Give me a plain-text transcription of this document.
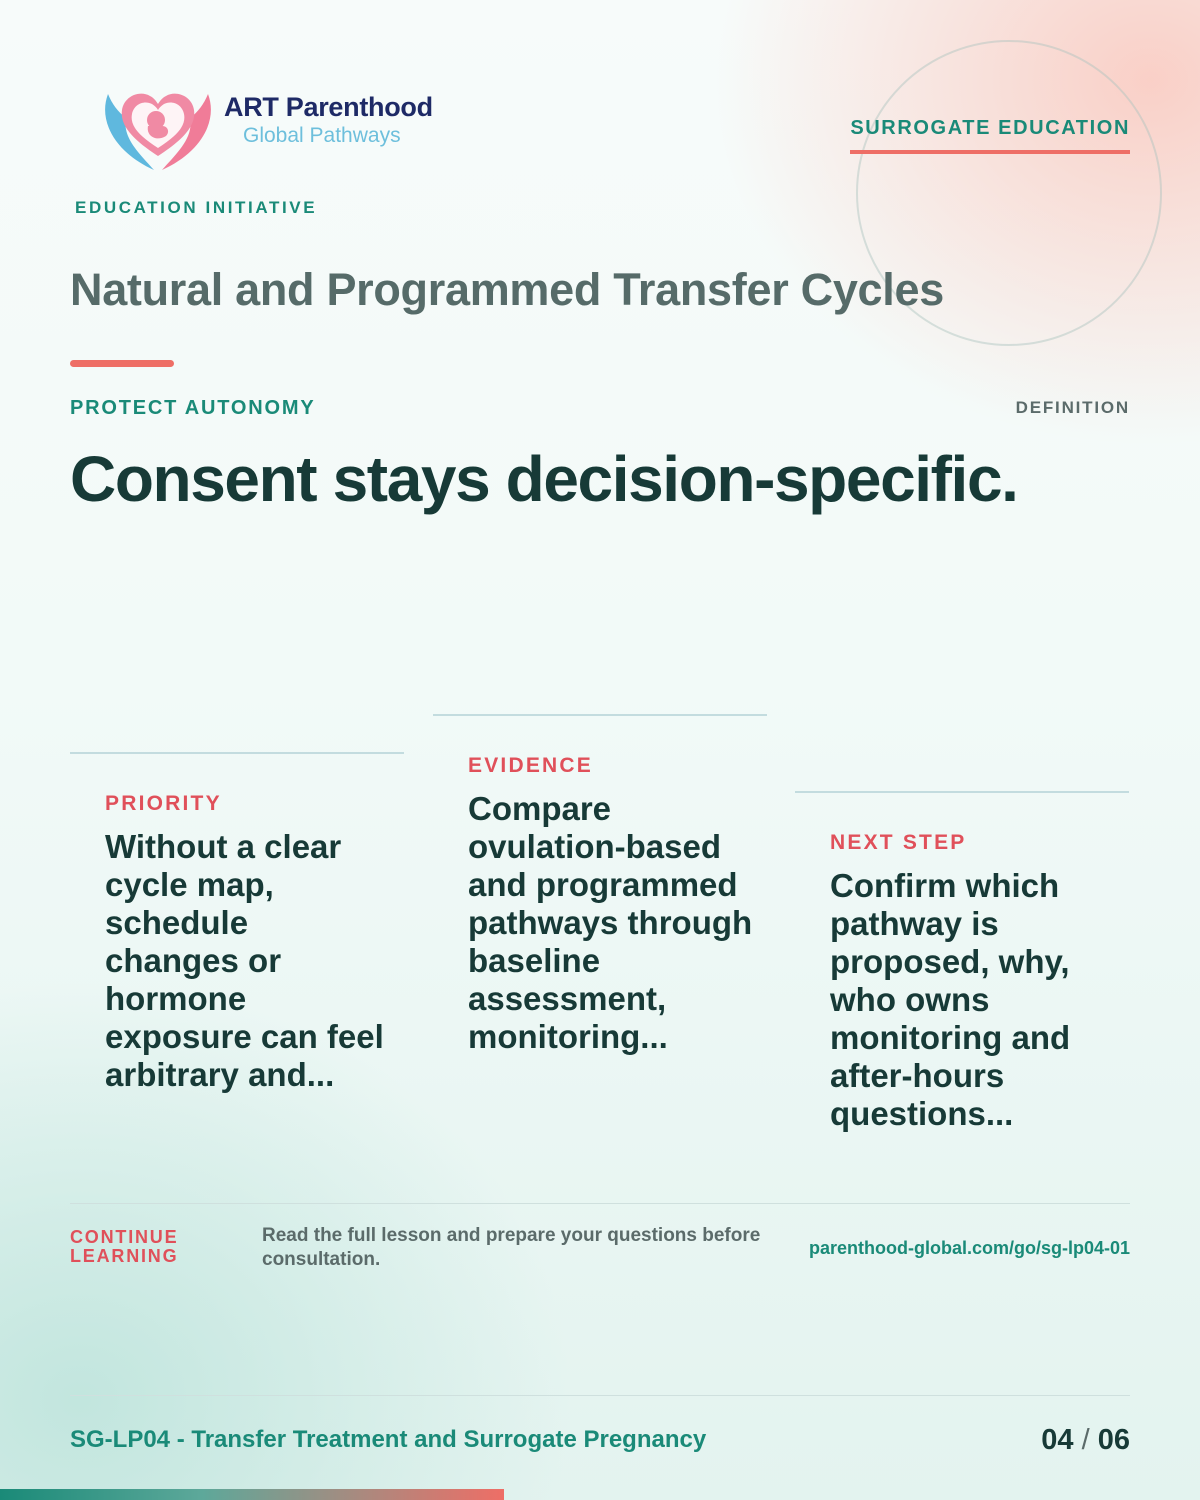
ART Parenthood
Global Pathways
EDUCATION INITIATIVE
SURROGATE EDUCATION
Natural and Programmed Transfer Cycles
PROTECT AUTONOMY	DEFINITION
Consent stays decision-specific.
PRIORITY
Without a clear cycle map, schedule changes or hormone exposure can feel arbitrary and...
EVIDENCE
Compare ovulation-based and programmed pathways through baseline assessment, monitoring...
NEXT STEP
Confirm which pathway is proposed, why, who owns monitoring and after-hours questions...
CONTINUE LEARNING
Read the full lesson and prepare your questions before consultation.
parenthood-global.com/go/sg-lp04-01
SG-LP04 - Transfer Treatment and Surrogate Pregnancy	04 / 06
